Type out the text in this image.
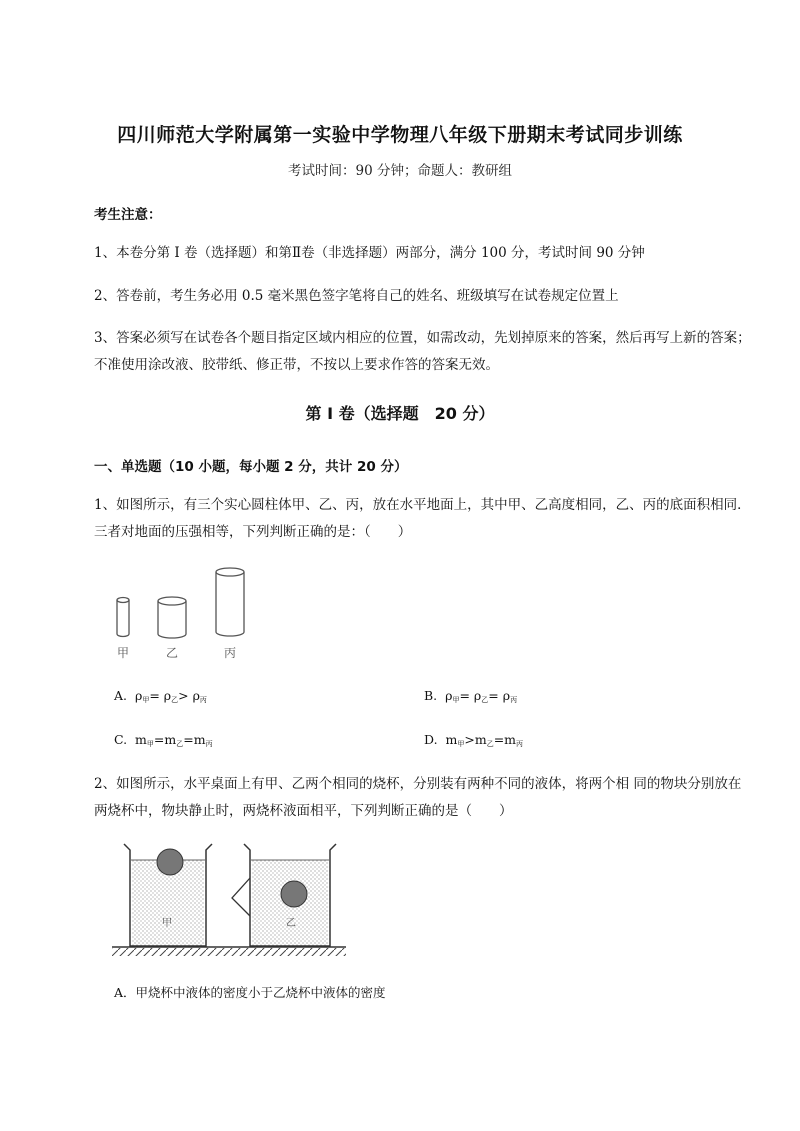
四川师范大学附属第一实验中学物理八年级下册期末考试同步训练
考试时间：90 分钟；命题人：教研组
考生注意：
1、本卷分第 I 卷（选择题）和第Ⅱ卷（非选择题）两部分，满分 100 分，考试时间 90 分钟
2、答卷前，考生务必用 0.5 毫米黑色签字笔将自己的姓名、班级填写在试卷规定位置上
3、答案必须写在试卷各个题目指定区域内相应的位置，如需改动，先划掉原来的答案，然后再写上新的答案；不准使用涂改液、胶带纸、修正带，不按以上要求作答的答案无效。
第 I 卷（选择题　20 分）
一、单选题（10 小题，每小题 2 分，共计 20 分）
1、如图所示，有三个实心圆柱体甲、乙、丙，放在水平地面上，其中甲、乙高度相同，乙、丙的底面积相同．三者对地面的压强相等，下列判断正确的是：（　　）
甲	乙	丙
A. $\rho_甲= \rho_乙> \rho_丙$	B. $\rho_甲= \rho_乙= \rho_丙$
C. $m_甲=m_乙=m_丙$	D. $m_甲>m_乙=m_丙$
2、如图所示，水平桌面上有甲、乙两个相同的烧杯，分别装有两种不同的液体，将两个相 同的物块分别放在两烧杯中，物块静止时，两烧杯液面相平，下列判断正确的是（　　）
甲	乙
A．甲烧杯中液体的密度小于乙烧杯中液体的密度
